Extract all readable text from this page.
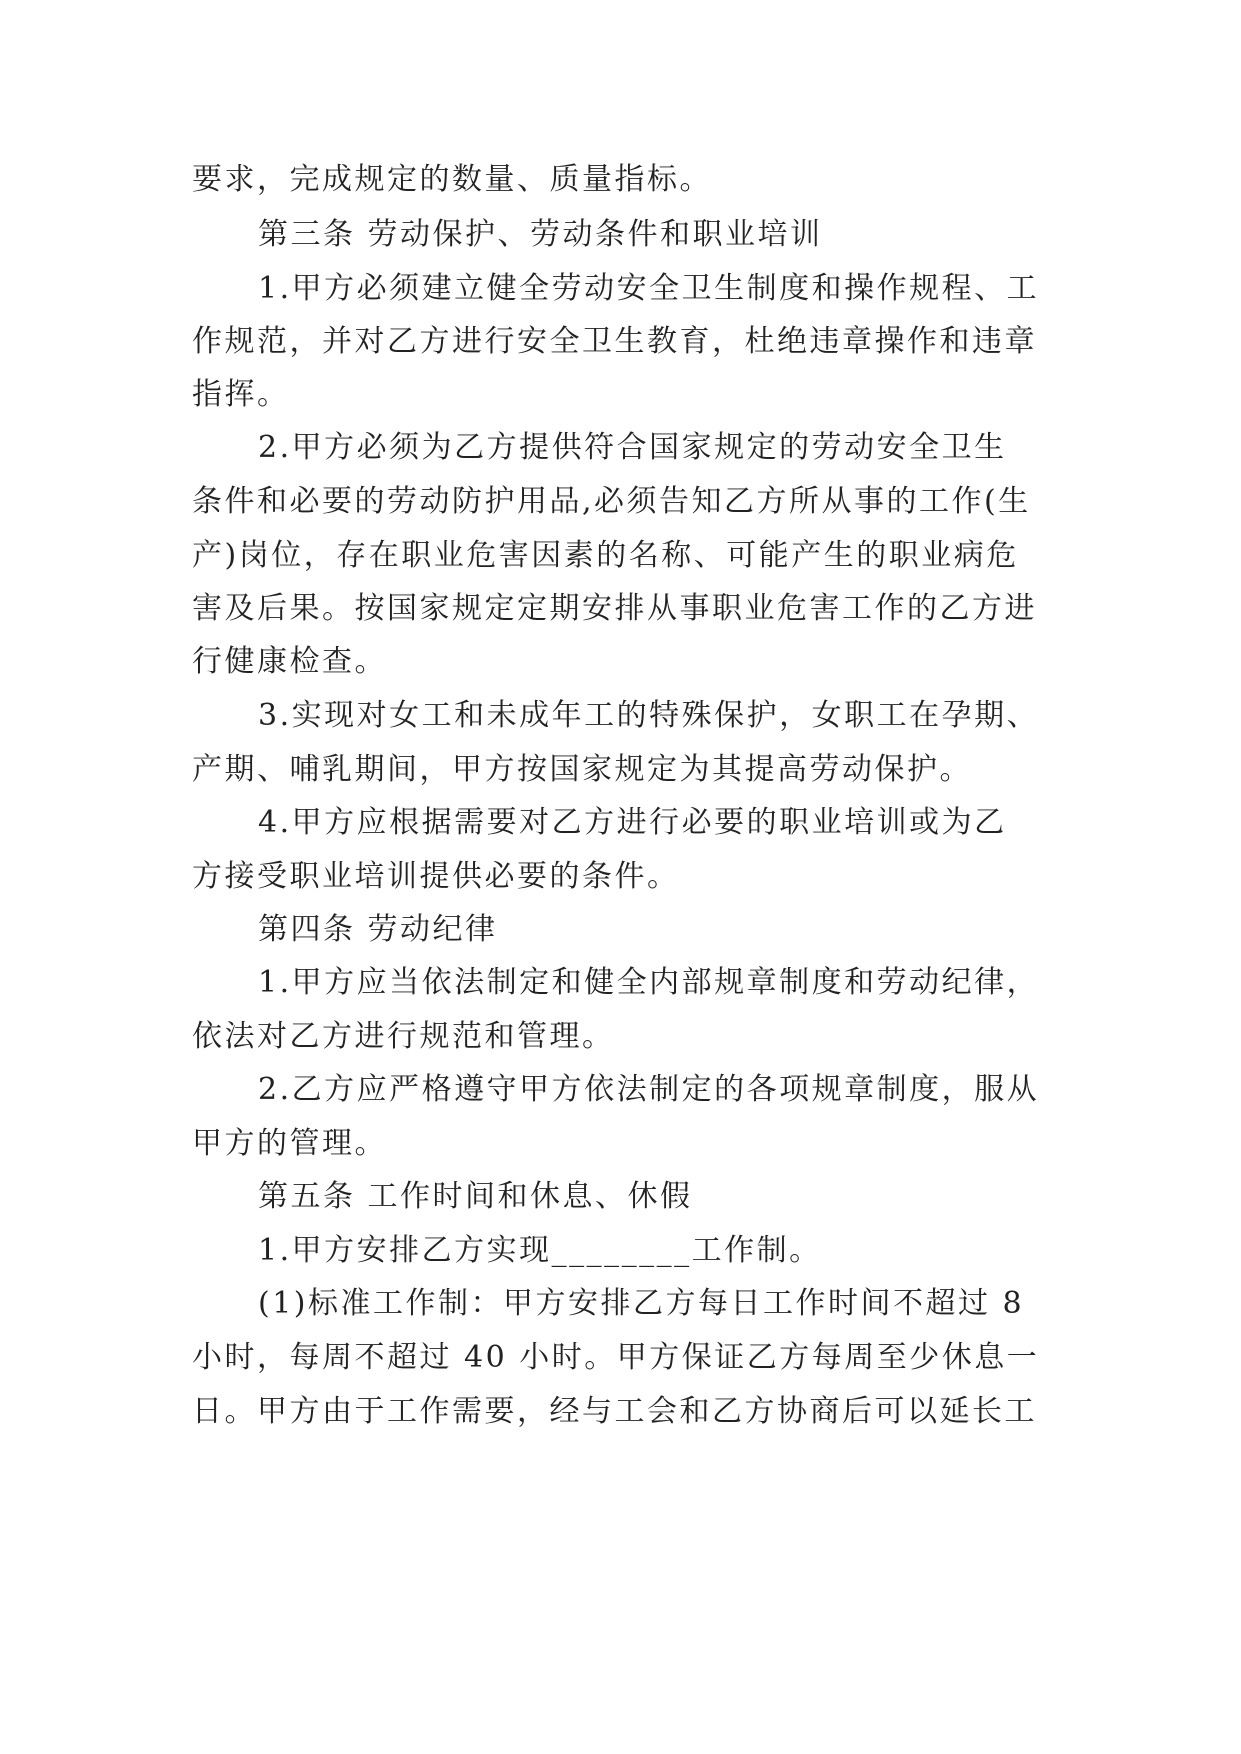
要求，完成规定的数量、质量指标。
第三条 劳动保护、劳动条件和职业培训
1.甲方必须建立健全劳动安全卫生制度和操作规程、工
作规范，并对乙方进行安全卫生教育，杜绝违章操作和违章
指挥。
2.甲方必须为乙方提供符合国家规定的劳动安全卫生
条件和必要的劳动防护用品,必须告知乙方所从事的工作(生
产)岗位，存在职业危害因素的名称、可能产生的职业病危
害及后果。按国家规定定期安排从事职业危害工作的乙方进
行健康检查。
3.实现对女工和未成年工的特殊保护，女职工在孕期、
产期、哺乳期间，甲方按国家规定为其提高劳动保护。
4.甲方应根据需要对乙方进行必要的职业培训或为乙
方接受职业培训提供必要的条件。
第四条 劳动纪律
1.甲方应当依法制定和健全内部规章制度和劳动纪律，
依法对乙方进行规范和管理。
2.乙方应严格遵守甲方依法制定的各项规章制度，服从
甲方的管理。
第五条 工作时间和休息、休假
1.甲方安排乙方实现________工作制。
(1)标准工作制：甲方安排乙方每日工作时间不超过 8
小时，每周不超过 40 小时。甲方保证乙方每周至少休息一
日。甲方由于工作需要，经与工会和乙方协商后可以延长工
